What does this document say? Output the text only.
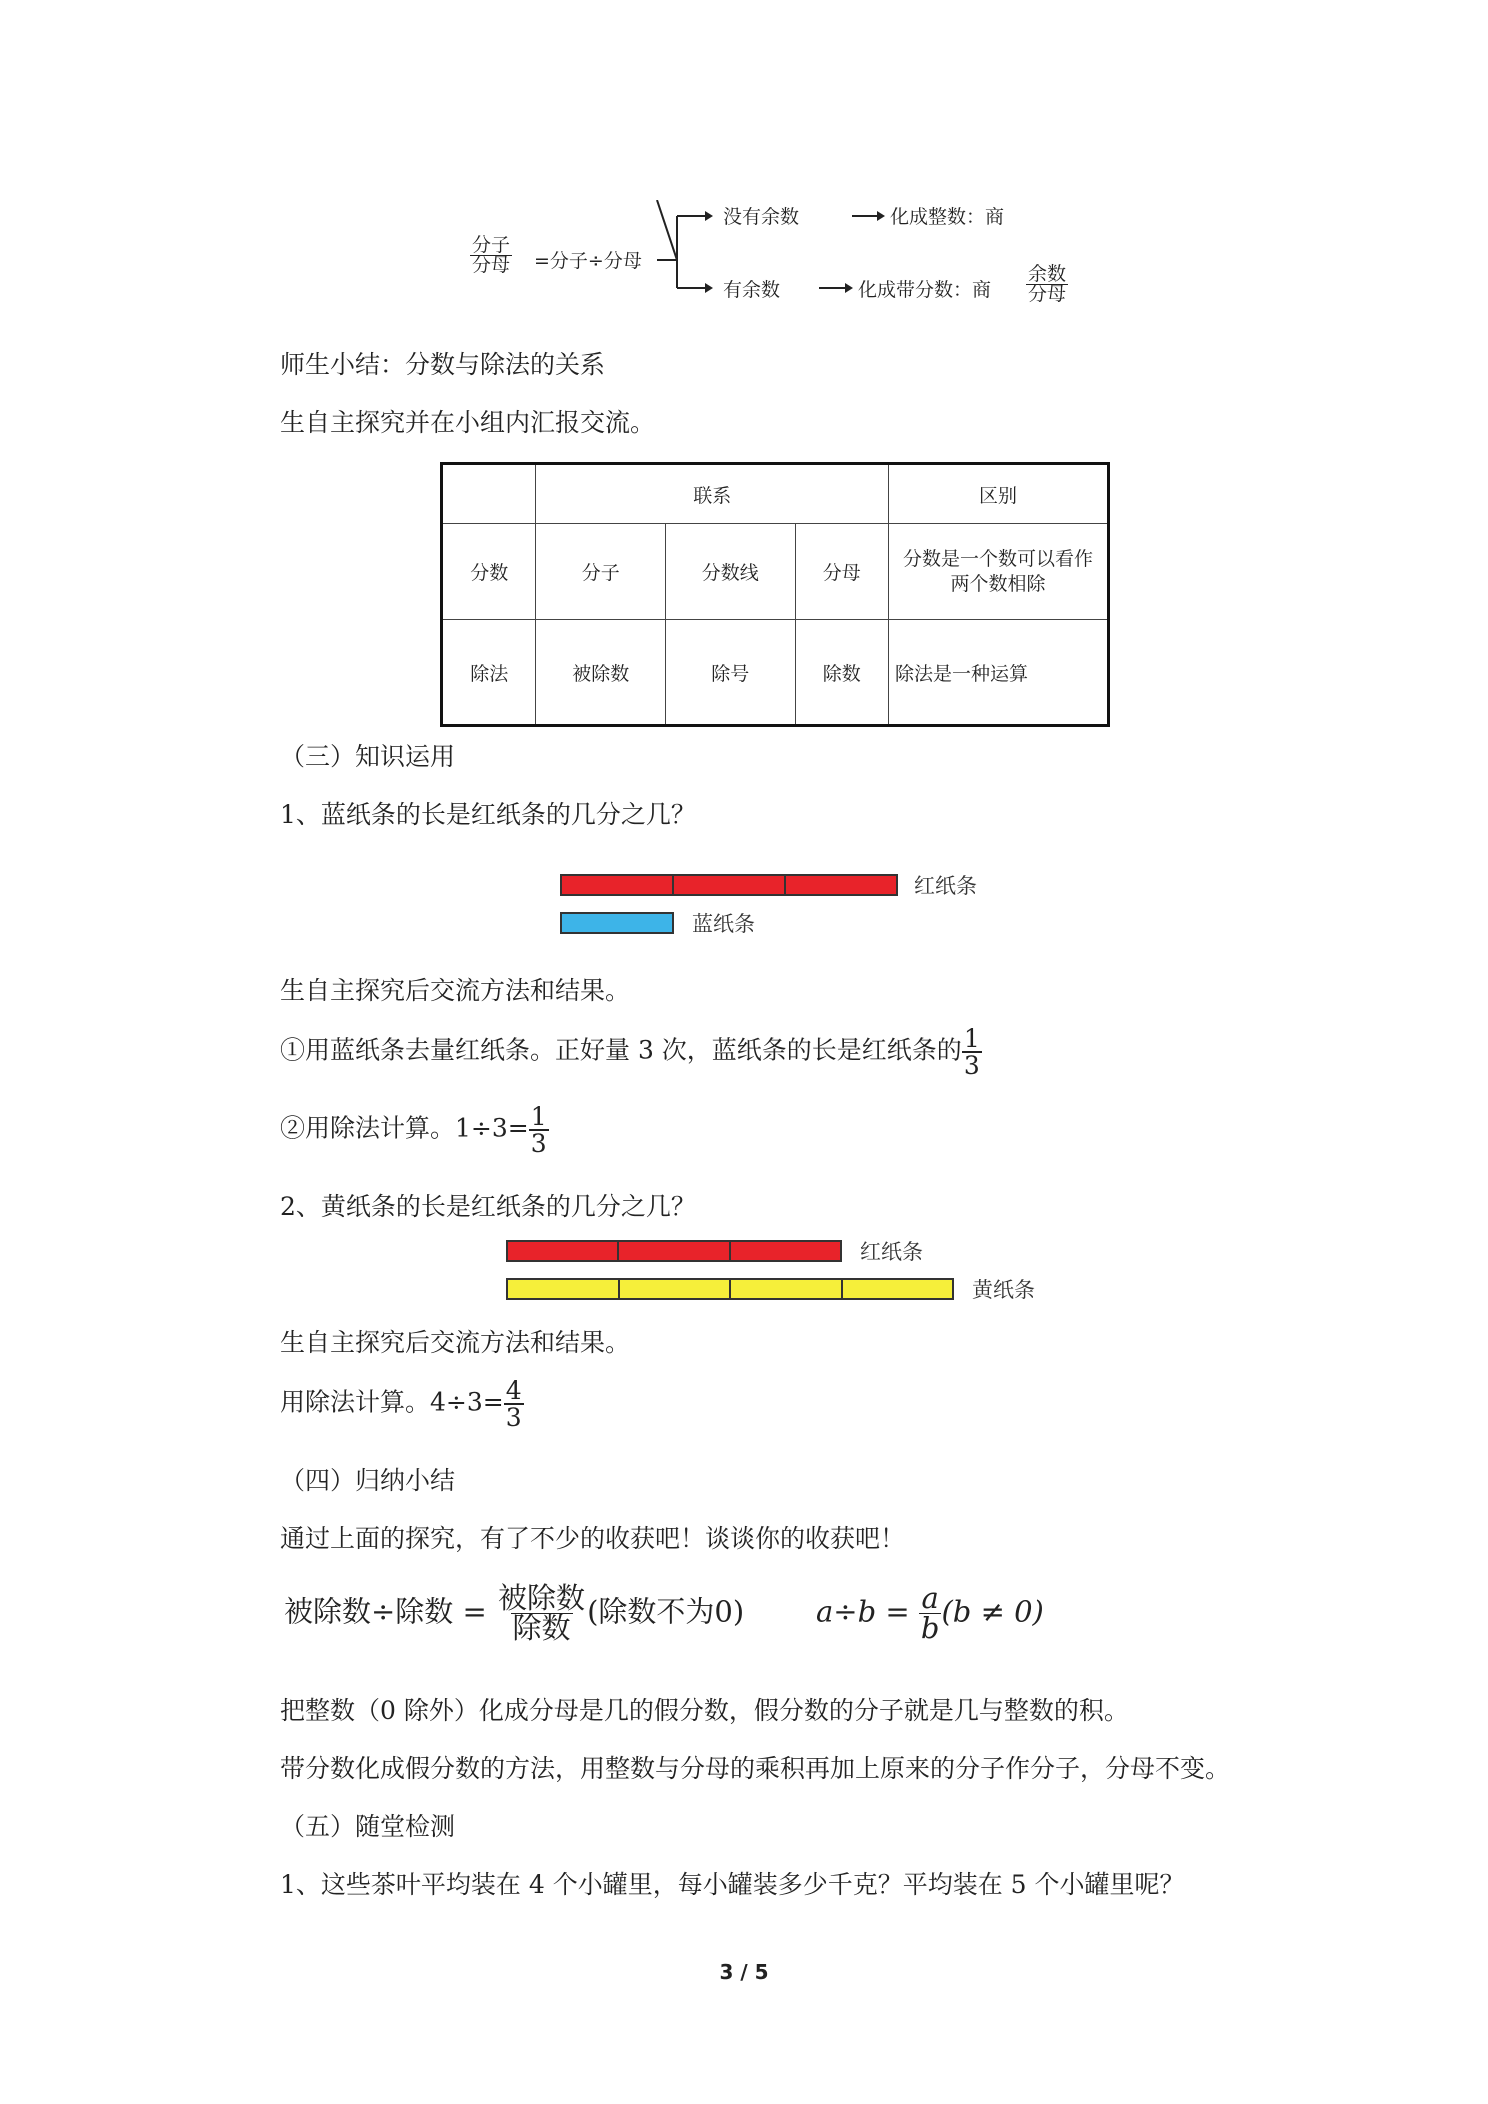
分子
分母 =分子÷分母
没有余数	化成整数：商
有余数	化成带分数：商
余数
分母
师生小结：分数与除法的关系
生自主探究并在小组内汇报交流。
	联系			区别
分数	分子	分数线	分母	分数是一个数可以看作两个数相除
除法	被除数	除号	除数	除法是一种运算
（三）知识运用
1、蓝纸条的长是红纸条的几分之几？
红纸条
蓝纸条
生自主探究后交流方法和结果。
①用蓝纸条去量红纸条。正好量 3 次，蓝纸条的长是红纸条的 $\frac{1}{3}$
②用除法计算。$1\div 3= \frac{1}{3}$
2、黄纸条的长是红纸条的几分之几？
红纸条
黄纸条
生自主探究后交流方法和结果。
用除法计算。$4\div 3= \frac{4}{3}$
（四）归纳小结
通过上面的探究，有了不少的收获吧！谈谈你的收获吧！
被除数÷除数 = $\frac{\text{被除数}}{\text{除数}}$ (除数不为0) $a\div b = \frac{a}{b} (b \ne 0)$
把整数（0 除外）化成分母是几的假分数，假分数的分子就是几与整数的积。
带分数化成假分数的方法，用整数与分母的乘积再加上原来的分子作分子，分母不变。
（五）随堂检测
1、这些茶叶平均装在 4 个小罐里，每小罐装多少千克？平均装在 5 个小罐里呢？
3 / 5
